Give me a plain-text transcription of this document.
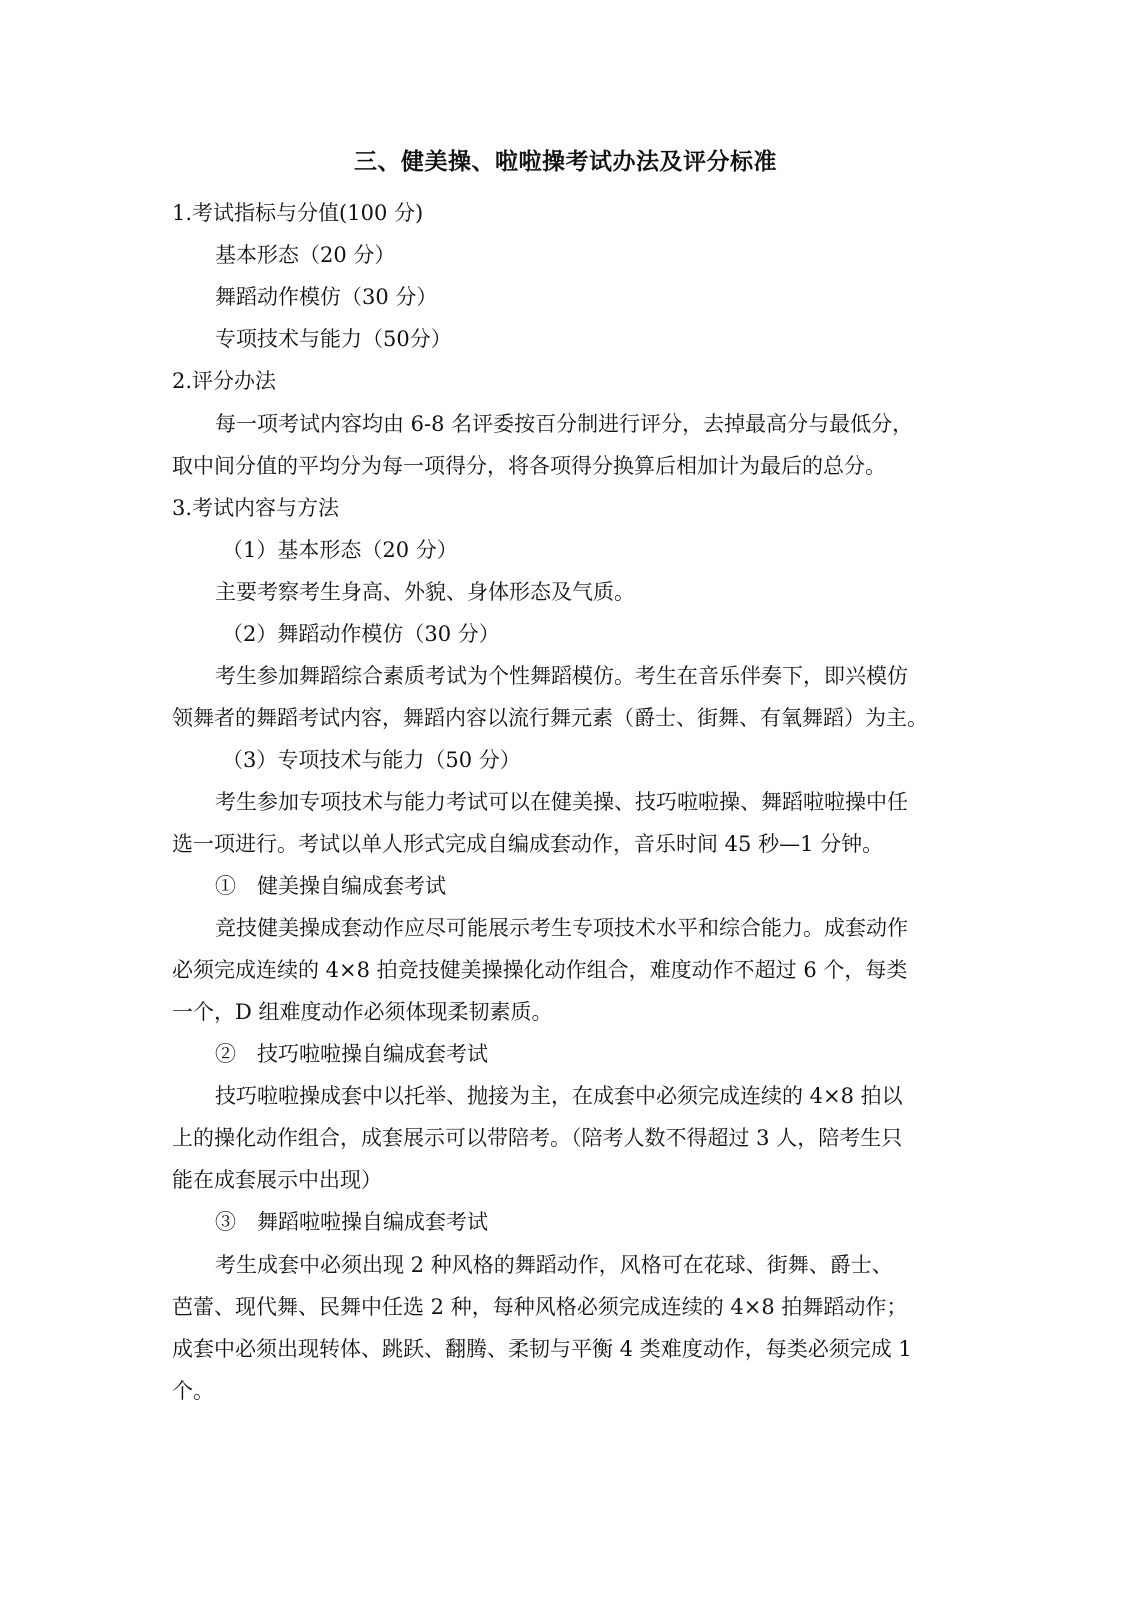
三、健美操、啦啦操考试办法及评分标准
1.考试指标与分值(100 分)
基本形态（20 分）
舞蹈动作模仿（30 分）
专项技术与能力（50分）
2.评分办法
每一项考试内容均由 6-8 名评委按百分制进行评分，去掉最高分与最低分，
取中间分值的平均分为每一项得分，将各项得分换算后相加计为最后的总分。
3.考试内容与方法
（1）基本形态（20 分）
主要考察考生身高、外貌、身体形态及气质。
（2）舞蹈动作模仿（30 分）
考生参加舞蹈综合素质考试为个性舞蹈模仿。考生在音乐伴奏下，即兴模仿
领舞者的舞蹈考试内容，舞蹈内容以流行舞元素（爵士、街舞、有氧舞蹈）为主。
（3）专项技术与能力（50 分）
考生参加专项技术与能力考试可以在健美操、技巧啦啦操、舞蹈啦啦操中任
选一项进行。考试以单人形式完成自编成套动作，音乐时间 45 秒—1 分钟。
①　健美操自编成套考试
竞技健美操成套动作应尽可能展示考生专项技术水平和综合能力。成套动作
必须完成连续的 4×8 拍竞技健美操操化动作组合，难度动作不超过 6 个，每类
一个，D 组难度动作必须体现柔韧素质。
②　技巧啦啦操自编成套考试
技巧啦啦操成套中以托举、抛接为主，在成套中必须完成连续的 4×8 拍以
上的操化动作组合，成套展示可以带陪考。（陪考人数不得超过 3 人，陪考生只
能在成套展示中出现）
③　舞蹈啦啦操自编成套考试
考生成套中必须出现 2 种风格的舞蹈动作，风格可在花球、街舞、爵士、
芭蕾、现代舞、民舞中任选 2 种，每种风格必须完成连续的 4×8 拍舞蹈动作；
成套中必须出现转体、跳跃、翻腾、柔韧与平衡 4 类难度动作，每类必须完成 1
个。
